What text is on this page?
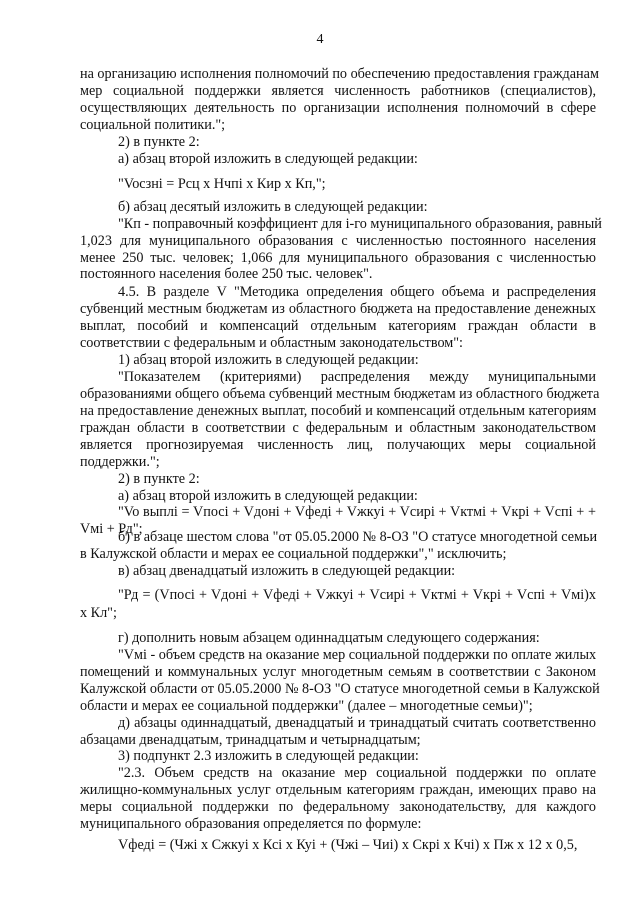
4
на организацию исполнения полномочий по обеспечению предоставления гражданам
мер социальной поддержки является численность работников (специалистов),
осуществляющих деятельность по организации исполнения полномочий в сфере
социальной политики.";
2) в пункте 2:
а) абзац второй изложить в следующей редакции:
"Vocзнi = Рсц х Нчпi х Кир х Кп,";
б) абзац десятый изложить в следующей редакции:
"Кп - поправочный коэффициент для i-го муниципального образования, равный
1,023 для муниципального образования с численностью постоянного населения
менее 250 тыс. человек; 1,066 для муниципального образования с численностью
постоянного населения более 250 тыс. человек".
4.5. В разделе V "Методика определения общего объема и распределения
субвенций местным бюджетам из областного бюджета на предоставление денежных
выплат, пособий и компенсаций отдельным категориям граждан области в
соответствии с федеральным и областным законодательством":
1) абзац второй изложить в следующей редакции:
"Показателем (критериями) распределения между муниципальными
образованиями общего объема субвенций местным бюджетам из областного бюджета
на предоставление денежных выплат, пособий и компенсаций отдельным категориям
граждан области в соответствии с федеральным и областным законодательством
является прогнозируемая численность лиц, получающих меры социальной
поддержки.";
2) в пункте 2:
а) абзац второй изложить в следующей редакции:
"Vo выплi = Vпосi + Vдонi + Vфедi + Vжкуi + Vсирi + Vктмi + Vкрi + Vспi + +
Vмi + Рд";
б) в абзаце шестом слова "от 05.05.2000 № 8-ОЗ "О статусе многодетной семьи
в Калужской области и мерах ее социальной поддержки"," исключить;
в) абзац двенадцатый изложить в следующей редакции:
"Рд = (Vпосi + Vдонi + Vфедi + Vжкуi + Vсирi + Vктмi + Vкрi + Vспi + Vмi)х
х Кл";
г) дополнить новым абзацем одиннадцатым следующего содержания:
"Vмi - объем средств на оказание мер социальной поддержки по оплате жилых
помещений и коммунальных услуг многодетным семьям в соответствии с Законом
Калужской области от 05.05.2000 № 8-ОЗ "О статусе многодетной семьи в Калужской
области и мерах ее социальной поддержки" (далее – многодетные семьи)";
д) абзацы одиннадцатый, двенадцатый и тринадцатый считать соответственно
абзацами двенадцатым, тринадцатым и четырнадцатым;
3) подпункт 2.3 изложить в следующей редакции:
"2.3. Объем средств на оказание мер социальной поддержки по оплате
жилищно-коммунальных услуг отдельным категориям граждан, имеющих право на
меры социальной поддержки по федеральному законодательству, для каждого
муниципального образования определяется по формуле:
Vфедi = (Чжi х Сжкуi х Ксi х Куi + (Чжi – Чиi) х Скрi х Кчi) х Пж х 12 х 0,5,
